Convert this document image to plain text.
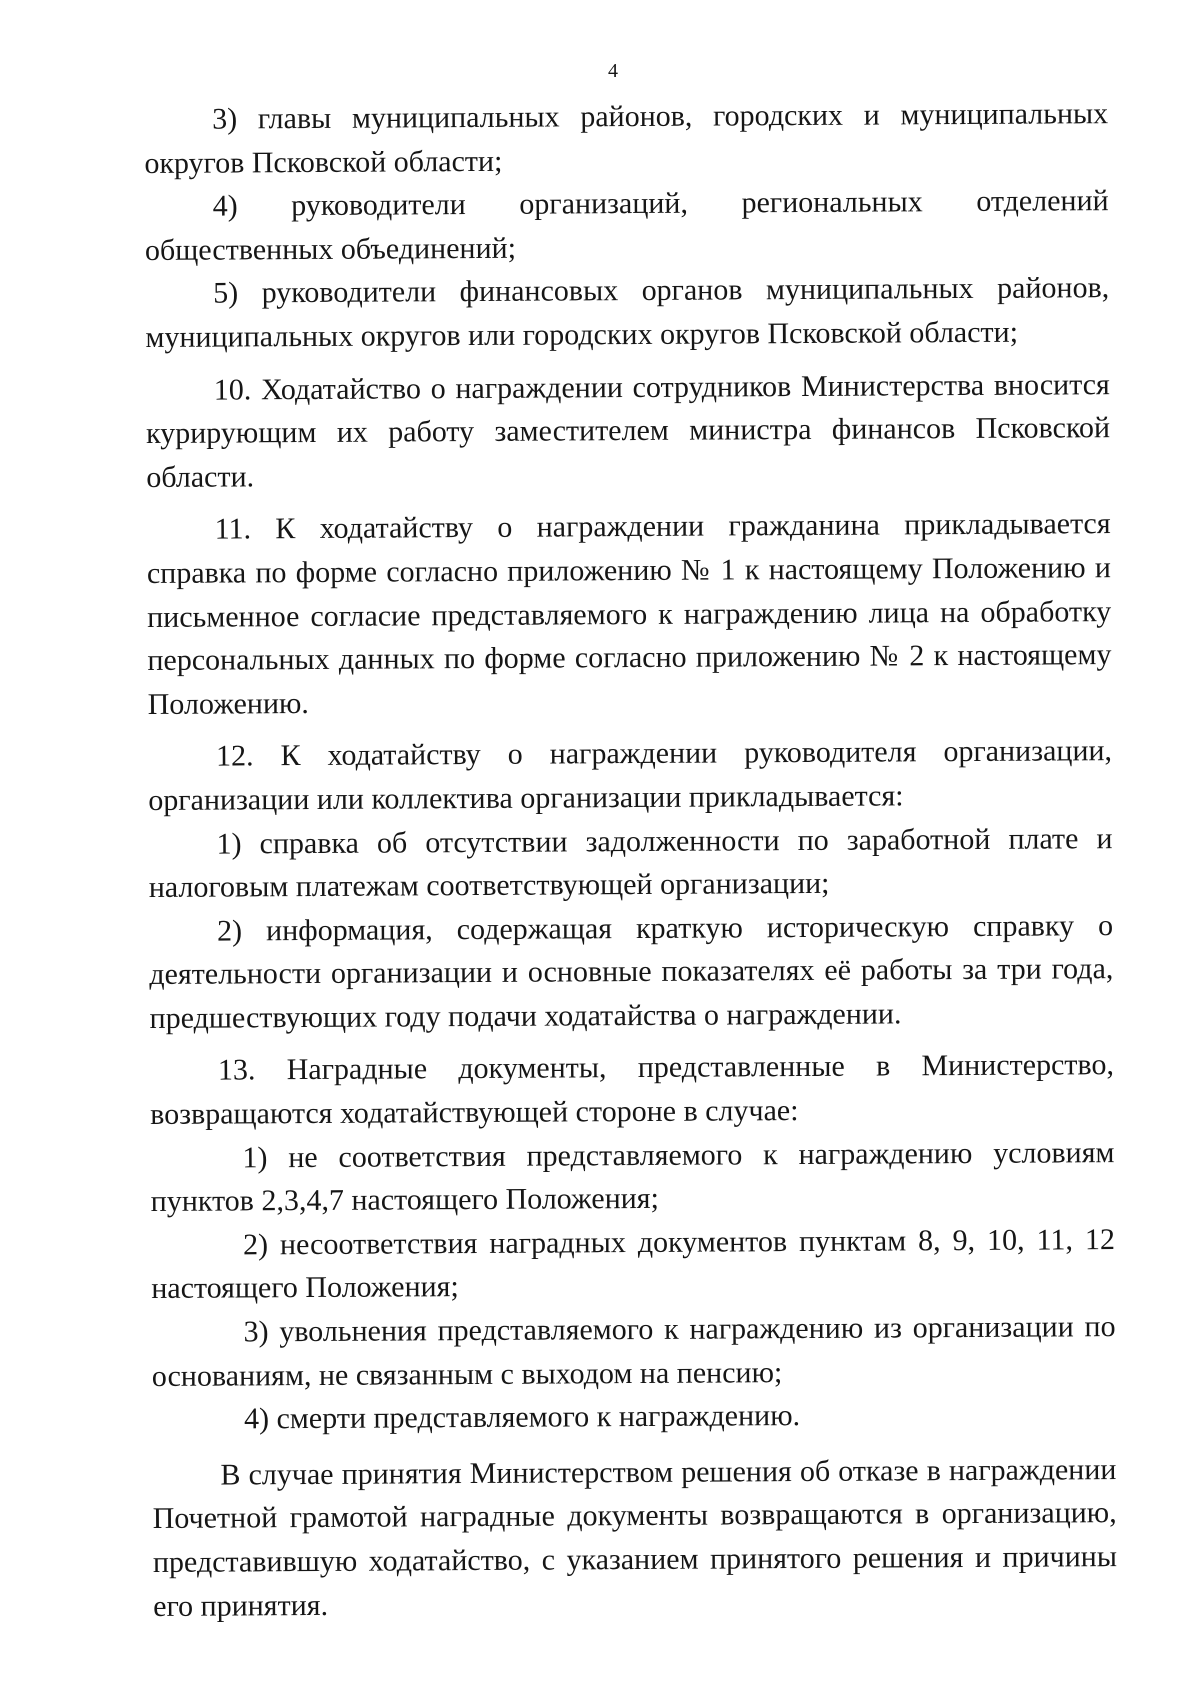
4

3) главы муниципальных районов, городских и муниципальных округов Псковской области;

4) руководители организаций, региональных отделений общественных объединений;

5) руководители финансовых органов муниципальных районов, муниципальных округов или городских округов Псковской области;

10. Ходатайство о награждении сотрудников Министерства вносится курирующим их работу заместителем министра финансов Псковской области.

11. К ходатайству о награждении гражданина прикладывается справка по форме согласно приложению № 1 к настоящему Положению и письменное согласие представляемого к награждению лица на обработку персональных данных по форме согласно приложению № 2 к настоящему Положению.

12. К ходатайству о награждении руководителя организации, организации или коллектива организации прикладывается:

1) справка об отсутствии задолженности по заработной плате и налоговым платежам соответствующей организации;

2) информация, содержащая краткую историческую справку о деятельности организации и основные показателях её работы за три года, предшествующих году подачи ходатайства о награждении.

13. Наградные документы, представленные в Министерство, возвращаются ходатайствующей стороне в случае:

1) не соответствия представляемого к награждению условиям пунктов 2,3,4,7 настоящего Положения;

2) несоответствия наградных документов пунктам 8, 9, 10, 11, 12 настоящего Положения;

3) увольнения представляемого к награждению из организации по основаниям, не связанным с выходом на пенсию;

4) смерти представляемого к награждению.

В случае принятия Министерством решения об отказе в награждении Почетной грамотой наградные документы возвращаются в организацию, представившую ходатайство, с указанием принятого решения и причины его принятия.
